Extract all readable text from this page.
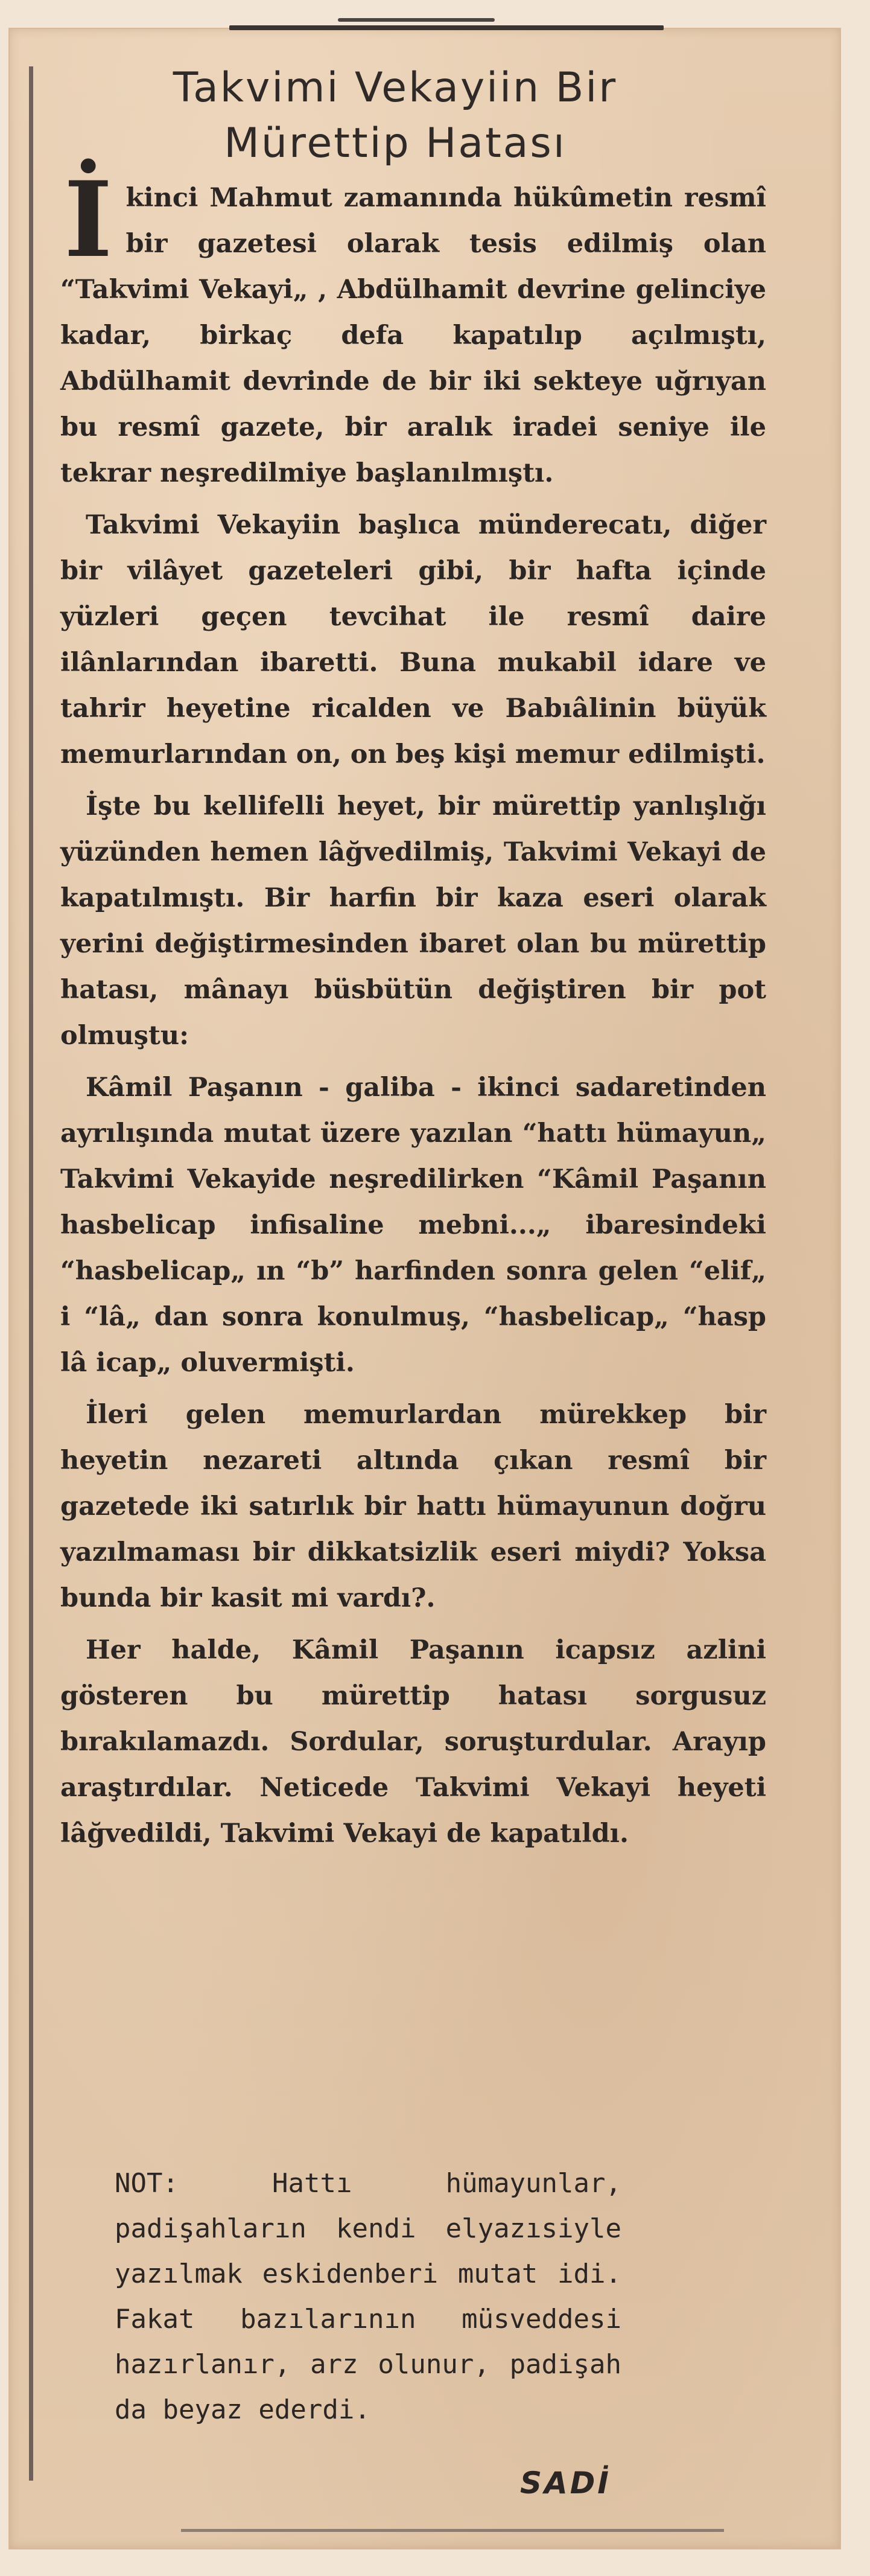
Takvimi Vekayiin Bir
Mürettip Hatası

İ kinci Mahmut zamanında hükûmetin resmî bir gazetesi olarak tesis edilmiş olan “Takvimi Vekayi„ , Abdülhamit devrine gelinciye kadar, birkaç defa kapatılıp açılmıştı, Abdülhamit devrinde de bir iki sekteye uğrıyan bu resmî gazete, bir aralık iradei seniye ile tekrar neşredilmiye başlanılmıştı.

Takvimi Vekayiin başlıca münderecatı, diğer bir vilâyet gazeteleri gibi, bir hafta içinde yüzleri geçen tevcihat ile resmî daire ilânlarından ibaretti. Buna mukabil idare ve tahrir heyetine ricalden ve Babıâlinin büyük memurlarından on, on beş kişi memur edilmişti.

İşte bu kellifelli heyet, bir mürettip yanlışlığı yüzünden hemen lâğvedilmiş, Takvimi Vekayi de kapatılmıştı. Bir harfin bir kaza eseri olarak yerini değiştirmesinden ibaret olan bu mürettip hatası, mânayı büsbütün değiştiren bir pot olmuştu:

Kâmil Paşanın - galiba - ikinci sadaretinden ayrılışında mutat üzere yazılan “hattı hümayun„ Takvimi Vekayide neşredilirken “Kâmil Paşanın hasbelicap infisaline mebni...„ ibaresindeki “hasbelicap„ ın “b” harfinden sonra gelen “elif„ i “lâ„ dan sonra konulmuş, “hasbelicap„ “hasp lâ icap„ oluvermişti.

İleri gelen memurlardan mürekkep bir heyetin nezareti altında çıkan resmî bir gazetede iki satırlık bir hattı hümayunun doğru yazılmaması bir dikkatsizlik eseri miydi? Yoksa bunda bir kasit mi vardı?.

Her halde, Kâmil Paşanın icapsız azlini gösteren bu mürettip hatası sorgusuz bırakılamazdı. Sordular, soruşturdular. Arayıp araştırdılar. Neticede Takvimi Vekayi heyeti lâğvedildi, Takvimi Vekayi de kapatıldı.

NOT: Hattı hümayunlar, padişahların kendi elyazısiyle yazılmak eskidenberi mutat idi. Fakat bazılarının müsveddesi hazırlanır, arz olunur, padişah da beyaz ederdi.

SADİ
